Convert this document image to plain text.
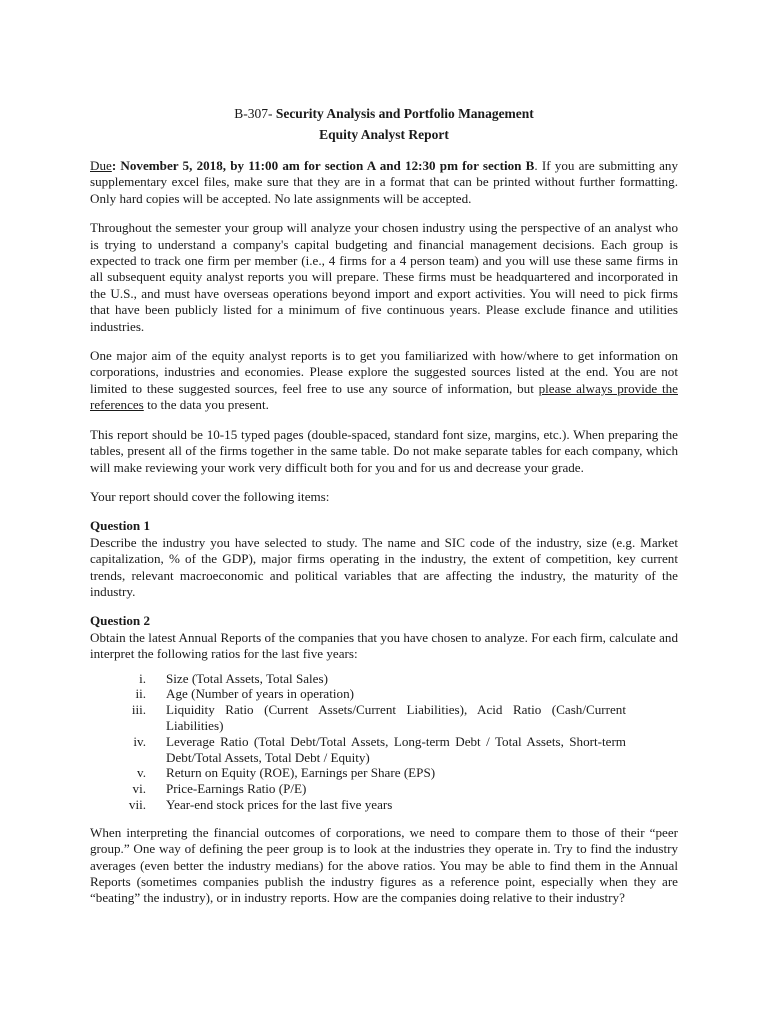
B-307- Security Analysis and Portfolio Management
Equity Analyst Report

Due: November 5, 2018, by 11:00 am for section A and 12:30 pm for section B. If you are submitting any supplementary excel files, make sure that they are in a format that can be printed without further formatting. Only hard copies will be accepted. No late assignments will be accepted.

Throughout the semester your group will analyze your chosen industry using the perspective of an analyst who is trying to understand a company's capital budgeting and financial management decisions. Each group is expected to track one firm per member (i.e., 4 firms for a 4 person team) and you will use these same firms in all subsequent equity analyst reports you will prepare. These firms must be headquartered and incorporated in the U.S., and must have overseas operations beyond import and export activities. You will need to pick firms that have been publicly listed for a minimum of five continuous years. Please exclude finance and utilities industries.

One major aim of the equity analyst reports is to get you familiarized with how/where to get information on corporations, industries and economies. Please explore the suggested sources listed at the end. You are not limited to these suggested sources, feel free to use any source of information, but please always provide the references to the data you present.

This report should be 10-15 typed pages (double-spaced, standard font size, margins, etc.). When preparing the tables, present all of the firms together in the same table. Do not make separate tables for each company, which will make reviewing your work very difficult both for you and for us and decrease your grade.

Your report should cover the following items:

Question 1

Describe the industry you have selected to study. The name and SIC code of the industry, size (e.g. Market capitalization, % of the GDP), major firms operating in the industry, the extent of competition, key current trends, relevant macroeconomic and political variables that are affecting the industry, the maturity of the industry.

Question 2

Obtain the latest Annual Reports of the companies that you have chosen to analyze. For each firm, calculate and interpret the following ratios for the last five years:

i.	Size (Total Assets, Total Sales)
ii.	Age (Number of years in operation)
iii.	Liquidity Ratio (Current Assets/Current Liabilities), Acid Ratio (Cash/Current Liabilities)
iv.	Leverage Ratio (Total Debt/Total Assets, Long-term Debt / Total Assets, Short-term Debt/Total Assets, Total Debt / Equity)
v.	Return on Equity (ROE), Earnings per Share (EPS)
vi.	Price-Earnings Ratio (P/E)
vii.	Year-end stock prices for the last five years

When interpreting the financial outcomes of corporations, we need to compare them to those of their “peer group.” One way of defining the peer group is to look at the industries they operate in. Try to find the industry averages (even better the industry medians) for the above ratios. You may be able to find them in the Annual Reports (sometimes companies publish the industry figures as a reference point, especially when they are “beating” the industry), or in industry reports. How are the companies doing relative to their industry?
